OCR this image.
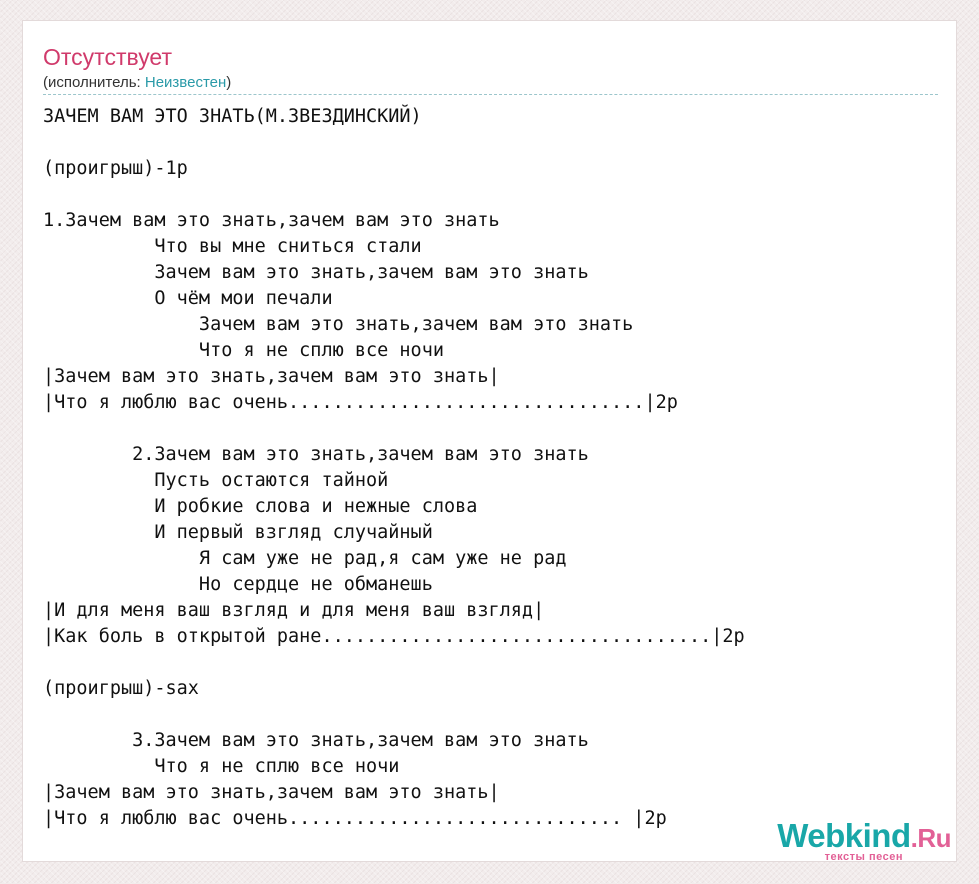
Отсутствует
(исполнитель: Неизвестен)
ЗАЧЕМ ВАМ ЭТО ЗНАТЬ(М.ЗВЕЗДИНСКИЙ)

(проигрыш)-1р

1.Зачем вам это знать,зачем вам это знать
Что вы мне сниться стали
Зачем вам это знать,зачем вам это знать
О чём мои печали
Зачем вам это знать,зачем вам это знать
Что я не сплю все ночи
|Зачем вам это знать,зачем вам это знать|
|Что я люблю вас очень................................|2р

2.Зачем вам это знать,зачем вам это знать
Пусть остаются тайной
И робкие слова и нежные слова
И первый взгляд случайный
Я сам уже не рад,я сам уже не рад
Но сердце не обманешь
|И для меня ваш взгляд и для меня ваш взгляд|
|Как боль в открытой ране...................................|2р

(проигрыш)-sax

3.Зачем вам это знать,зачем вам это знать
Что я не сплю все ночи
|Зачем вам это знать,зачем вам это знать|
|Что я люблю вас очень.............................. |2р	Webkind.Ru
тексты песен
